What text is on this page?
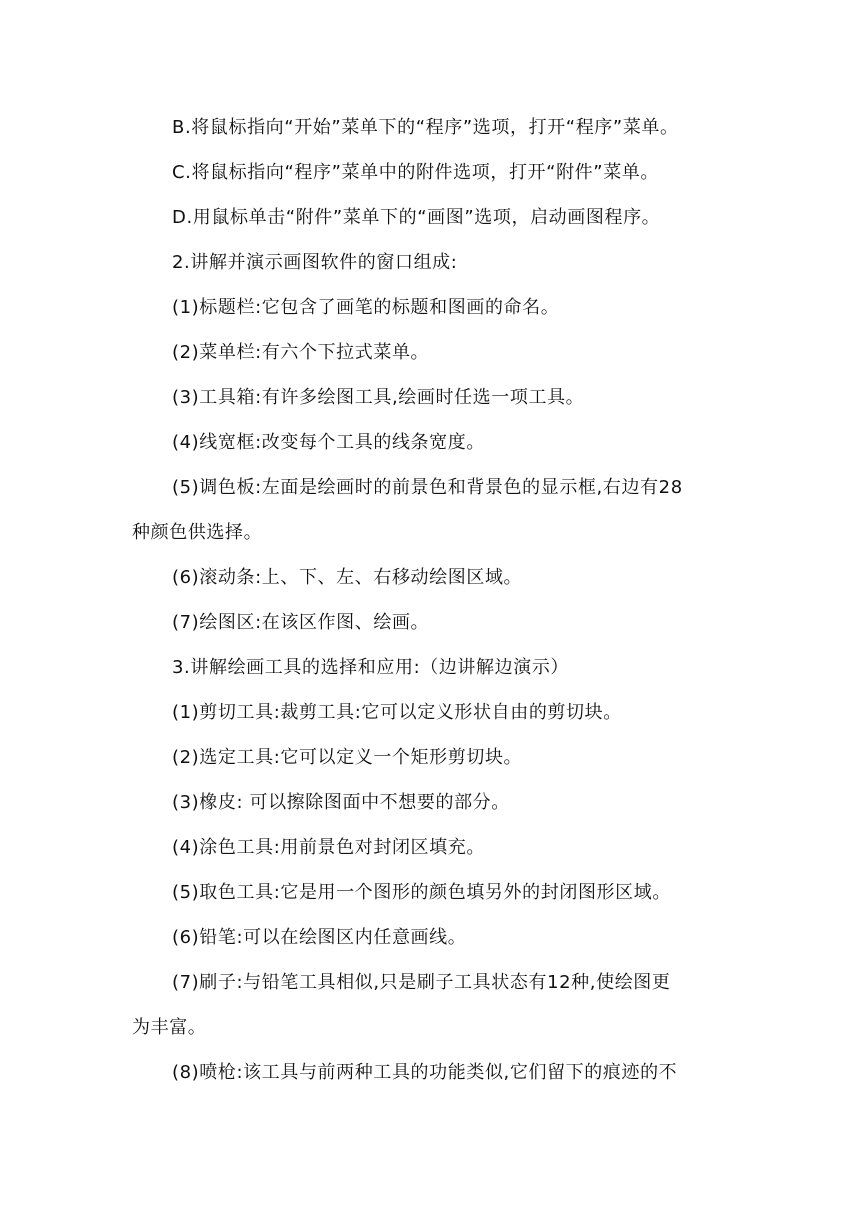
B.将鼠标指向“开始”菜单下的“程序”选项，打开“程序”菜单。
C.将鼠标指向“程序”菜单中的附件选项，打开“附件”菜单。
D.用鼠标单击“附件”菜单下的“画图”选项，启动画图程序。
2.讲解并演示画图软件的窗口组成:
(1)标题栏:它包含了画笔的标题和图画的命名。
(2)菜单栏:有六个下拉式菜单。
(3)工具箱:有许多绘图工具,绘画时任选一项工具。
(4)线宽框:改变每个工具的线条宽度。
(5)调色板:左面是绘画时的前景色和背景色的显示框,右边有28
种颜色供选择。
(6)滚动条:上、下、左、右移动绘图区域。
(7)绘图区:在该区作图、绘画。
3.讲解绘画工具的选择和应用:（边讲解边演示）
(1)剪切工具:裁剪工具:它可以定义形状自由的剪切块。
(2)选定工具:它可以定义一个矩形剪切块。
(3)橡皮: 可以擦除图面中不想要的部分。
(4)涂色工具:用前景色对封闭区填充。
(5)取色工具:它是用一个图形的颜色填另外的封闭图形区域。
(6)铅笔:可以在绘图区内任意画线。
(7)刷子:与铅笔工具相似,只是刷子工具状态有12种,使绘图更
为丰富。
(8)喷枪:该工具与前两种工具的功能类似,它们留下的痕迹的不
